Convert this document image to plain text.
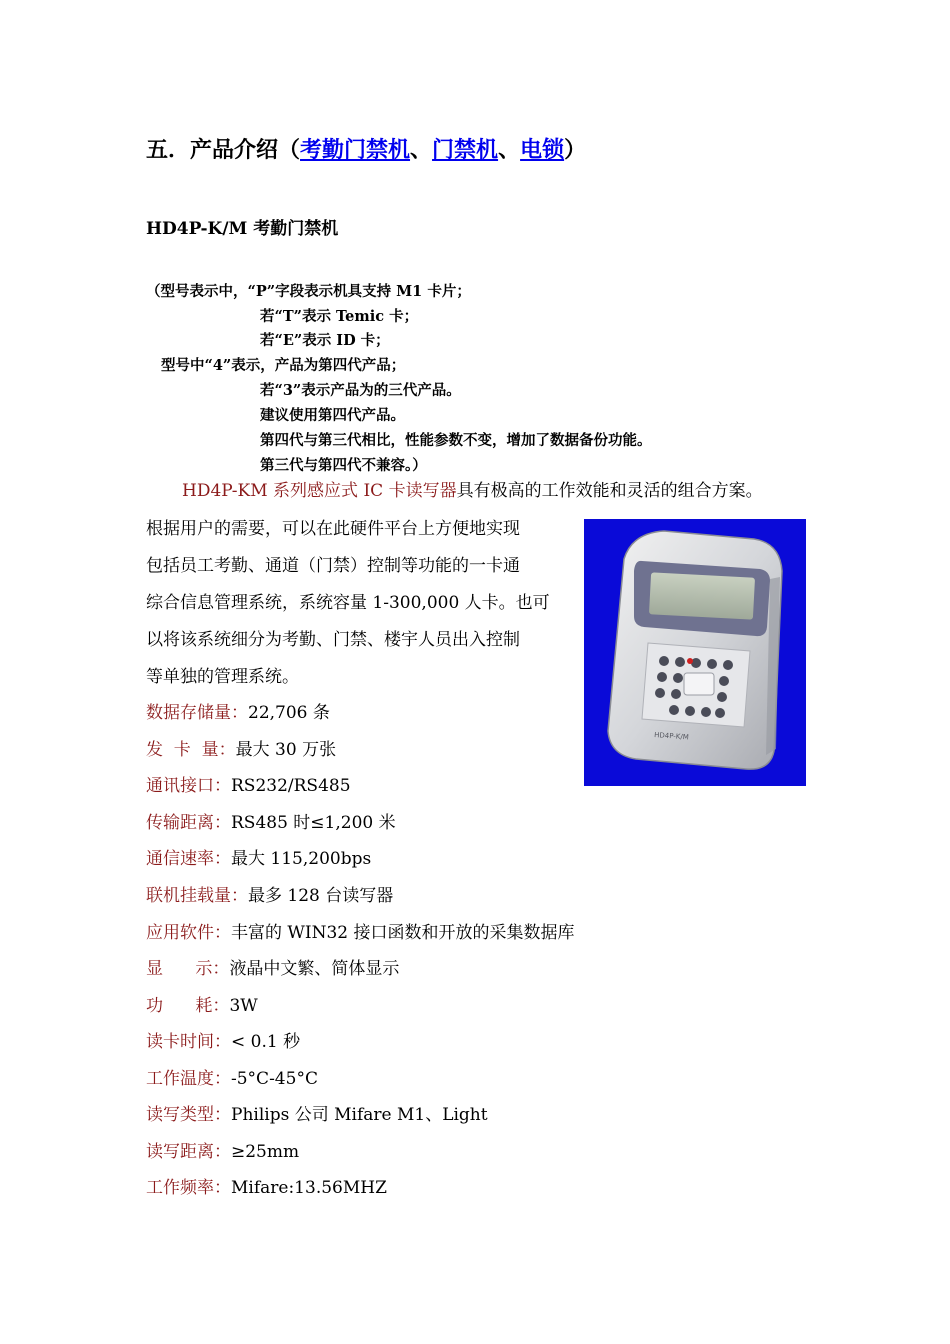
五．产品介绍（考勤门禁机、门禁机、电锁）
HD4P-K/M 考勤门禁机
（型号表示中，“P”字段表示机具支持 M1 卡片；
若“T”表示 Temic 卡；
若“E”表示 ID 卡；
型号中“4”表示，产品为第四代产品；
若“3”表示产品为的三代产品。
建议使用第四代产品。
第四代与第三代相比，性能参数不变，增加了数据备份功能。
第三代与第四代不兼容。）
HD4P-KM 系列感应式 IC 卡读写器具有极高的工作效能和灵活的组合方案。
根据用户的需要，可以在此硬件平台上方便地实现
包括员工考勤、通道（门禁）控制等功能的一卡通
综合信息管理系统，系统容量 1-300,000 人卡。也可
以将该系统细分为考勤、门禁、楼宇人员出入控制
等单独的管理系统。
数据存储量：22,706 条
发  卡  量：最大 30 万张
通讯接口：RS232/RS485
传输距离：RS485 时≤1,200 米
通信速率：最大 115,200bps
联机挂载量：最多 128 台读写器
应用软件：丰富的 WIN32 接口函数和开放的采集数据库
显      示：液晶中文繁、简体显示
功      耗：3W
读卡时间：< 0.1 秒
工作温度：-5°C-45°C
读写类型：Philips 公司 Mifare M1、Light
读写距离：≥25mm
工作频率：Mifare:13.56MHZ
HD4P-K/M
